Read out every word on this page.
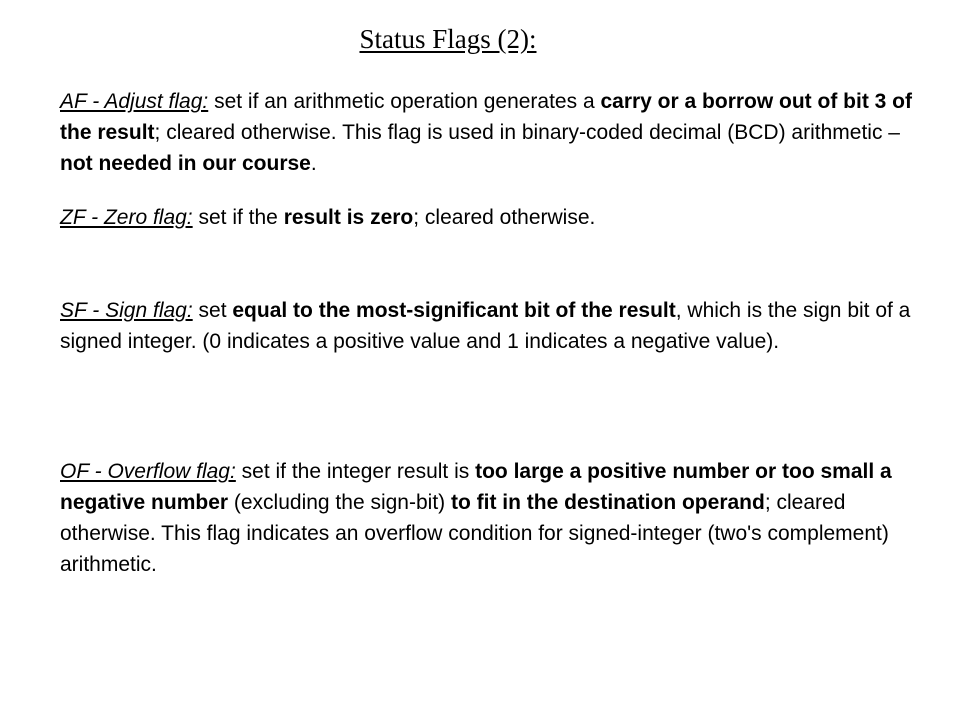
Status Flags (2):

AF - Adjust flag: set if an arithmetic operation generates a carry or a borrow out of bit 3 of the result; cleared otherwise. This flag is used in binary-coded decimal (BCD) arithmetic – not needed in our course.

ZF - Zero flag: set if the result is zero; cleared otherwise.

SF - Sign flag: set equal to the most-significant bit of the result, which is the sign bit of a signed integer. (0 indicates a positive value and 1 indicates a negative value).

OF - Overflow flag: set if the integer result is too large a positive number or too small a negative number (excluding the sign-bit) to fit in the destination operand; cleared otherwise. This flag indicates an overflow condition for signed-integer (two's complement) arithmetic.
